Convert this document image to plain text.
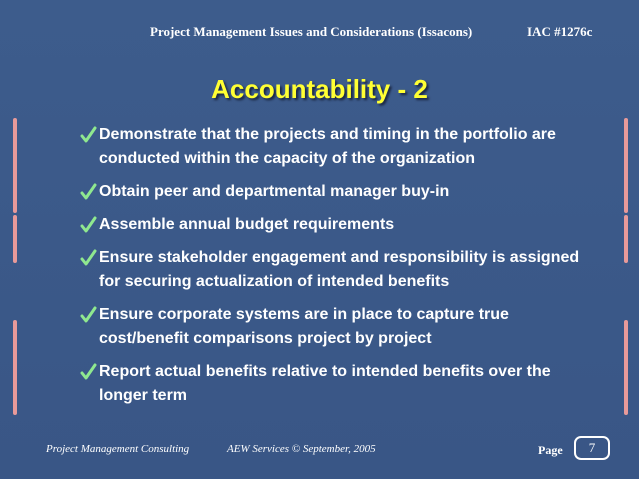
Project Management Issues and Considerations (Issacons)	IAC #1276c
Accountability - 2
Demonstrate that the projects and timing in the portfolio are conducted within the capacity of the organization
Obtain peer and departmental manager buy-in
Assemble annual budget requirements
Ensure stakeholder engagement and responsibility is assigned for securing actualization of intended benefits
Ensure corporate systems are in place to capture true cost/benefit comparisons project by project
Report actual benefits relative to intended benefits over the longer term
Project Management Consulting	AEW Services © September, 2005	Page	7
